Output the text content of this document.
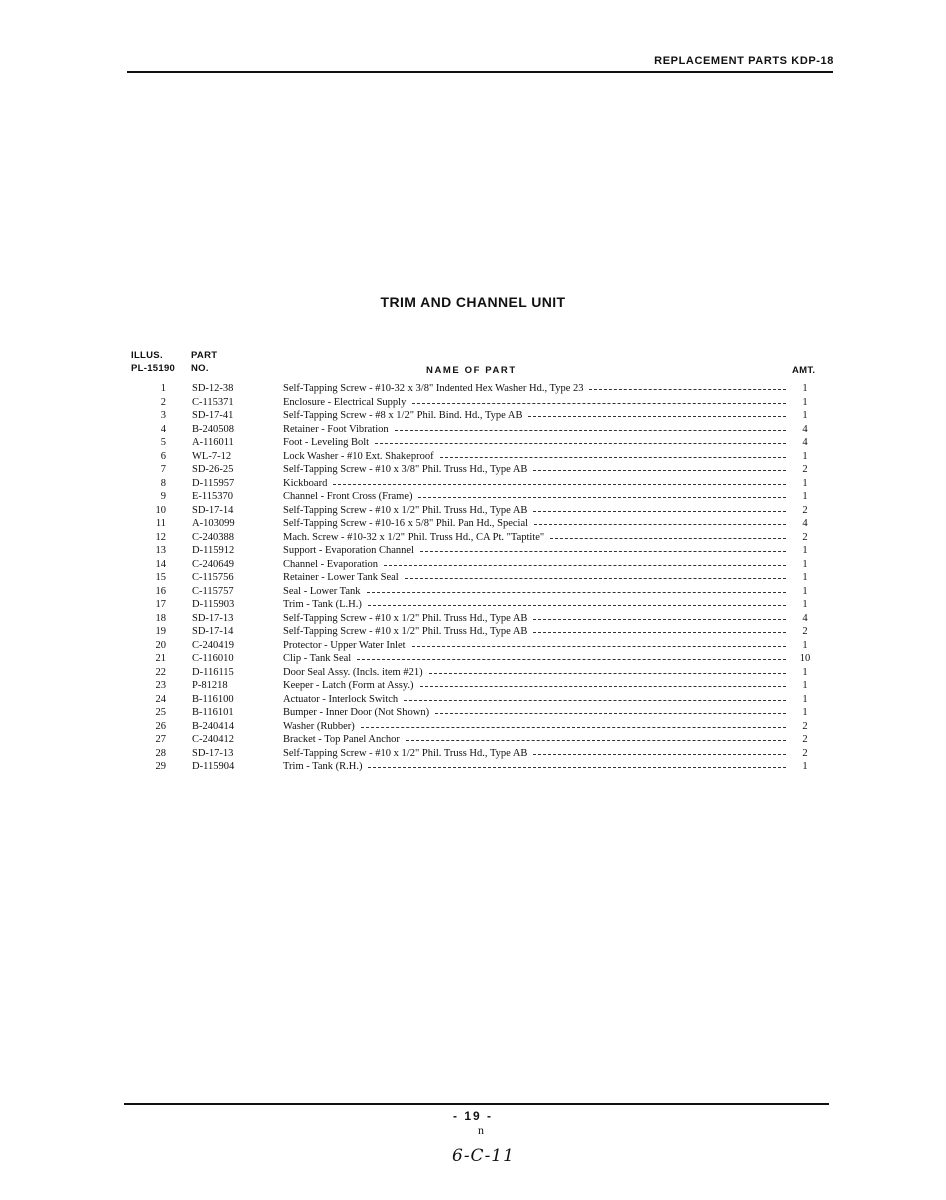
REPLACEMENT PARTS KDP-18
TRIM AND CHANNEL UNIT
ILLUS.
PL-15190
PART
NO.	NAME OF PART	AMT.
1 SD-12-38	Self-Tapping Screw - #10-32 x 3/8" Indented Hex Washer Hd., Type 23	1
2 C-115371	Enclosure - Electrical Supply	1
3 SD-17-41	Self-Tapping Screw - #8 x 1/2" Phil. Bind. Hd., Type AB	1
4 B-240508	Retainer - Foot Vibration	4
5 A-116011	Foot - Leveling Bolt	4
6 WL-7-12	Lock Washer - #10 Ext. Shakeproof	1
7 SD-26-25	Self-Tapping Screw - #10 x 3/8" Phil. Truss Hd., Type AB	2
8 D-115957	Kickboard	1
9 E-115370	Channel - Front Cross (Frame)	1
10 SD-17-14	Self-Tapping Screw - #10 x 1/2" Phil. Truss Hd., Type AB	2
11 A-103099	Self-Tapping Screw - #10-16 x 5/8" Phil. Pan Hd., Special	4
12 C-240388	Mach. Screw - #10-32 x 1/2" Phil. Truss Hd., CA Pt. "Taptite"	2
13 D-115912	Support - Evaporation Channel	1
14 C-240649	Channel - Evaporation	1
15 C-115756	Retainer - Lower Tank Seal	1
16 C-115757	Seal - Lower Tank	1
17 D-115903	Trim - Tank (L.H.)	1
18 SD-17-13	Self-Tapping Screw - #10 x 1/2" Phil. Truss Hd., Type AB	4
19 SD-17-14	Self-Tapping Screw - #10 x 1/2" Phil. Truss Hd., Type AB	2
20 C-240419	Protector - Upper Water Inlet	1
21 C-116010	Clip - Tank Seal	10
22 D-116115	Door Seal Assy. (Incls. item #21)	1
23 P-81218	Keeper - Latch (Form at Assy.)	1
24 B-116100	Actuator - Interlock Switch	1
25 B-116101	Bumper - Inner Door (Not Shown)	1
26 B-240414	Washer (Rubber)	2
27 C-240412	Bracket - Top Panel Anchor	2
28 SD-17-13	Self-Tapping Screw - #10 x 1/2" Phil. Truss Hd., Type AB	2
29 D-115904	Trim - Tank (R.H.)	1
- 19 -
n
6-C-11
